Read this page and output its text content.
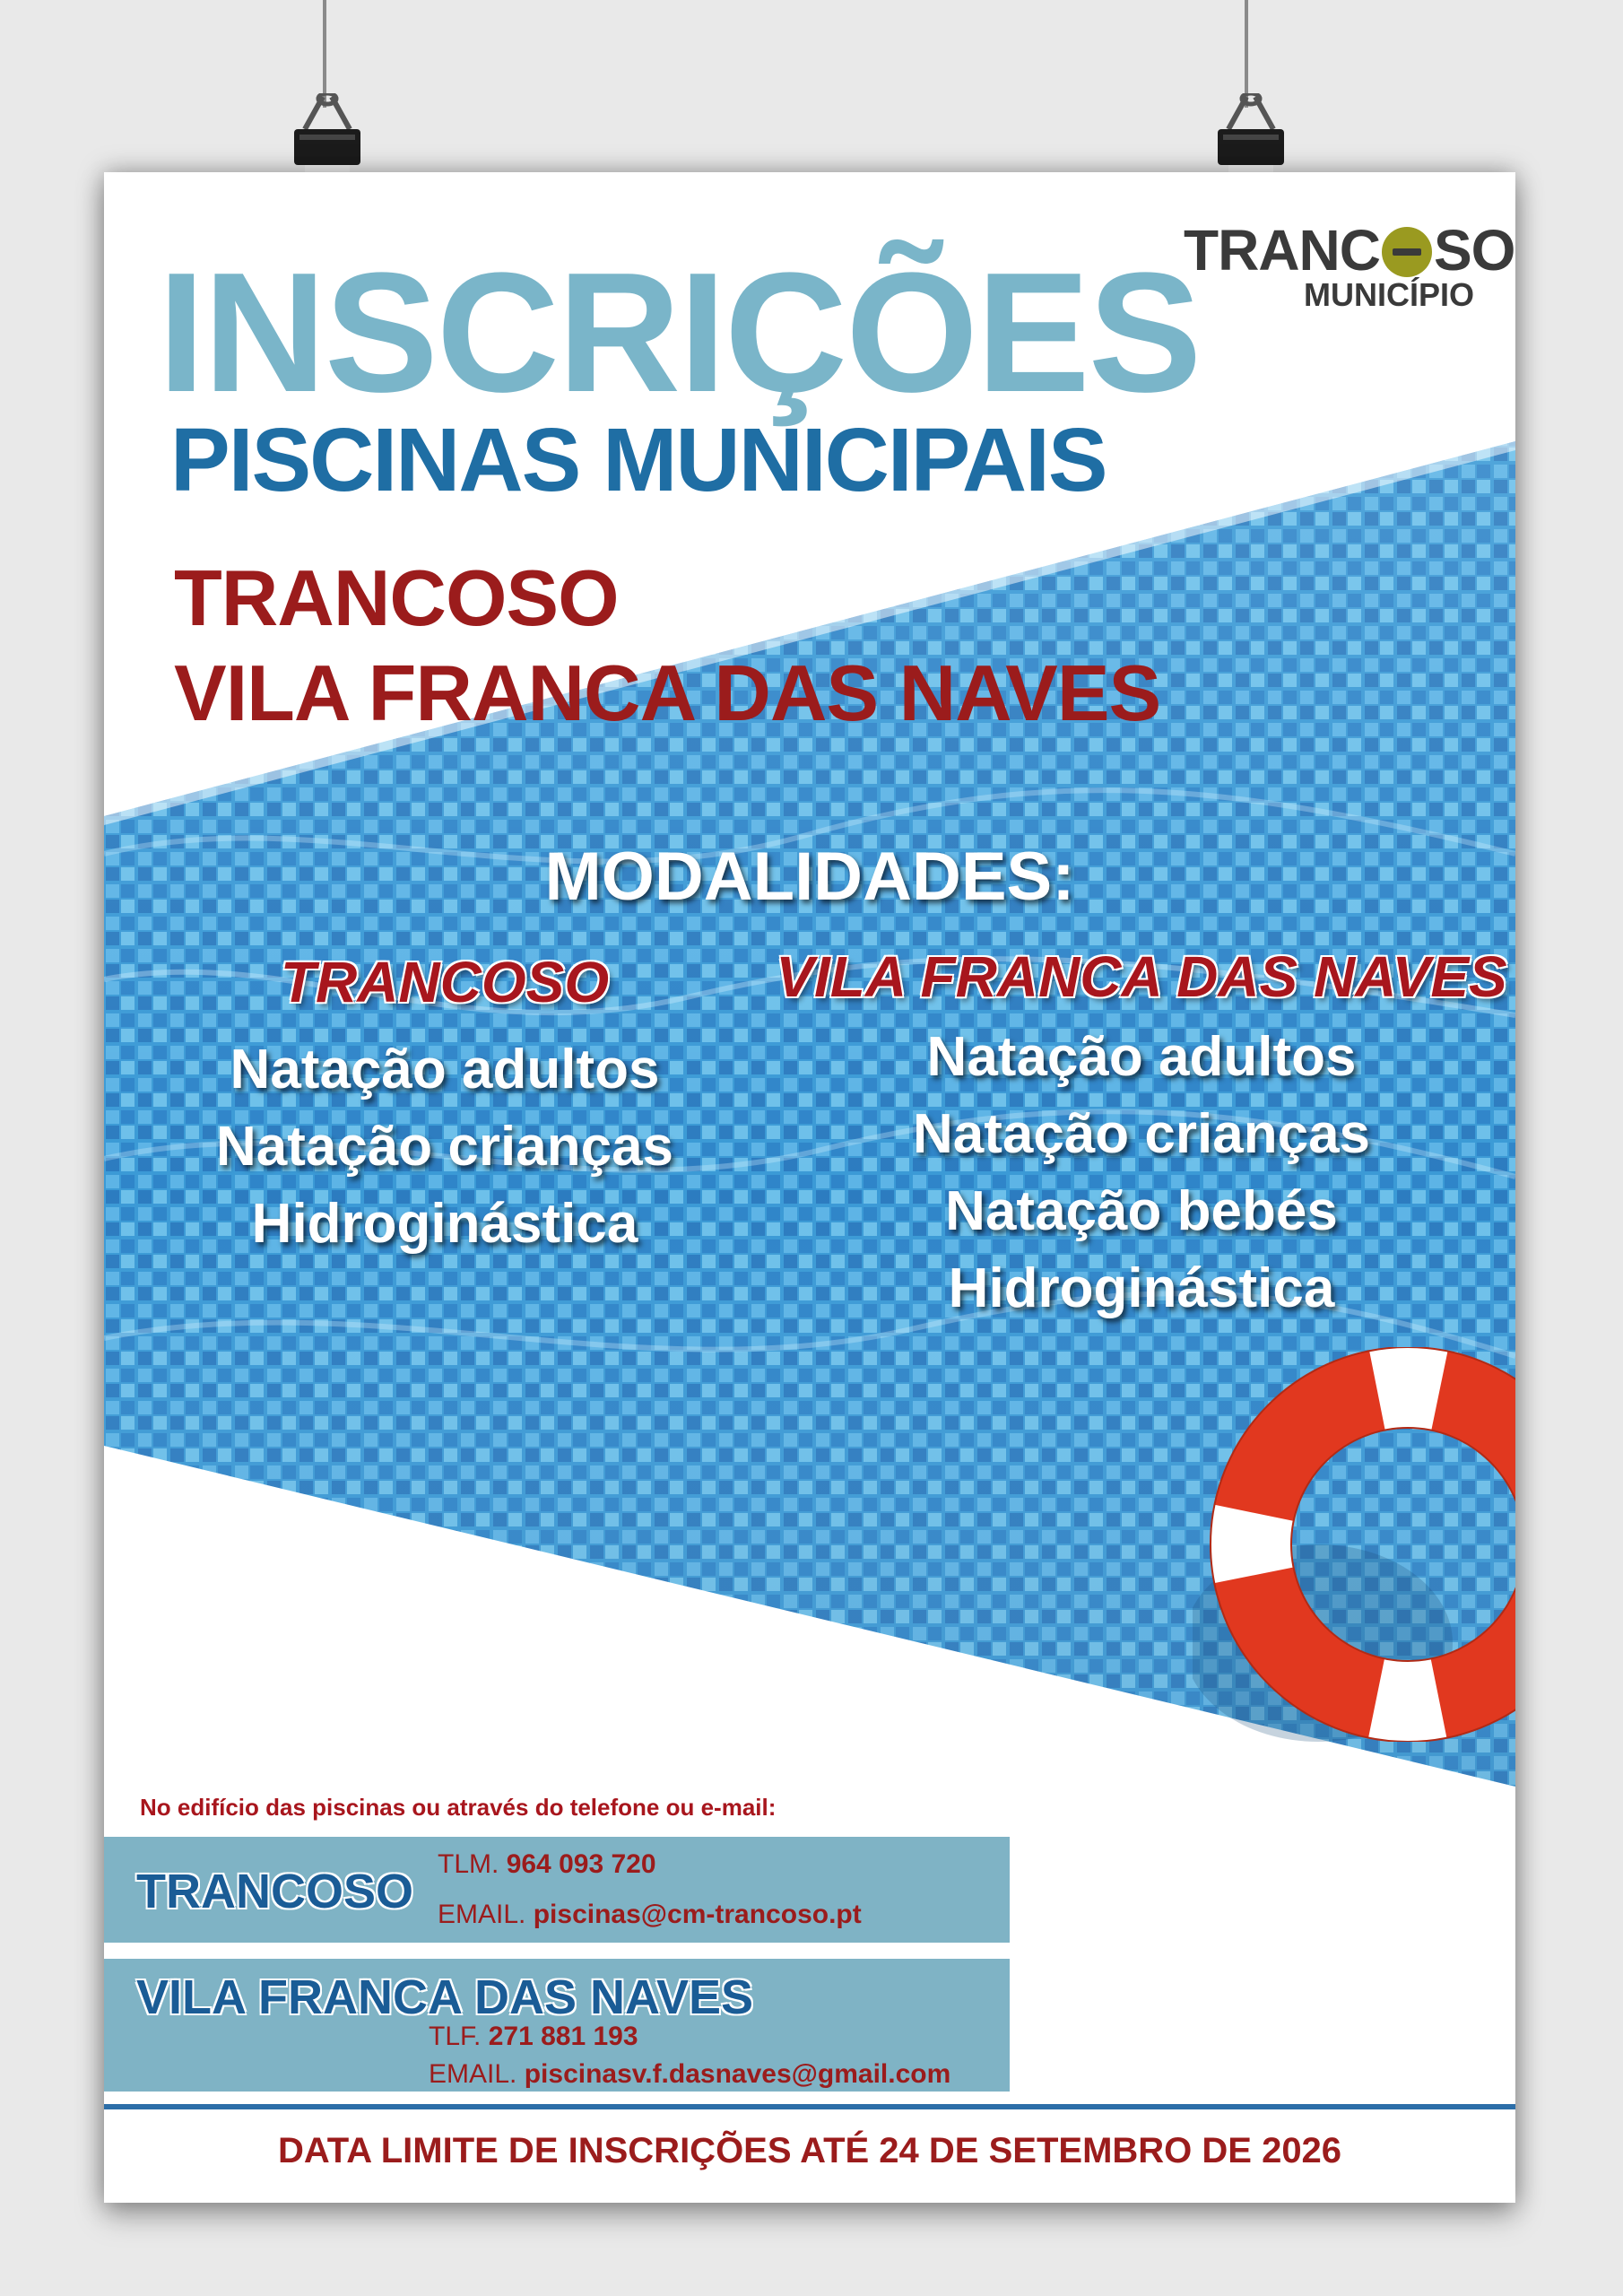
TRANC SO
MUNICÍPIO
INSCRIÇÕES
PISCINAS MUNICIPAIS
TRANCOSO
VILA FRANCA DAS NAVES
MODALIDADES:
TRANCOSO
Natação adultos
Natação crianças
Hidroginástica
VILA FRANCA DAS NAVES
Natação adultos
Natação crianças
Natação bebés
Hidroginástica
No edifício das piscinas ou através do telefone ou e-mail:
TRANCOSO
TLM. 964 093 720
EMAIL. piscinas@cm-trancoso.pt
VILA FRANCA DAS NAVES
TLF. 271 881 193
EMAIL. piscinasv.f.dasnaves@gmail.com
DATA LIMITE DE INSCRIÇÕES ATÉ 24 DE SETEMBRO DE 2026
